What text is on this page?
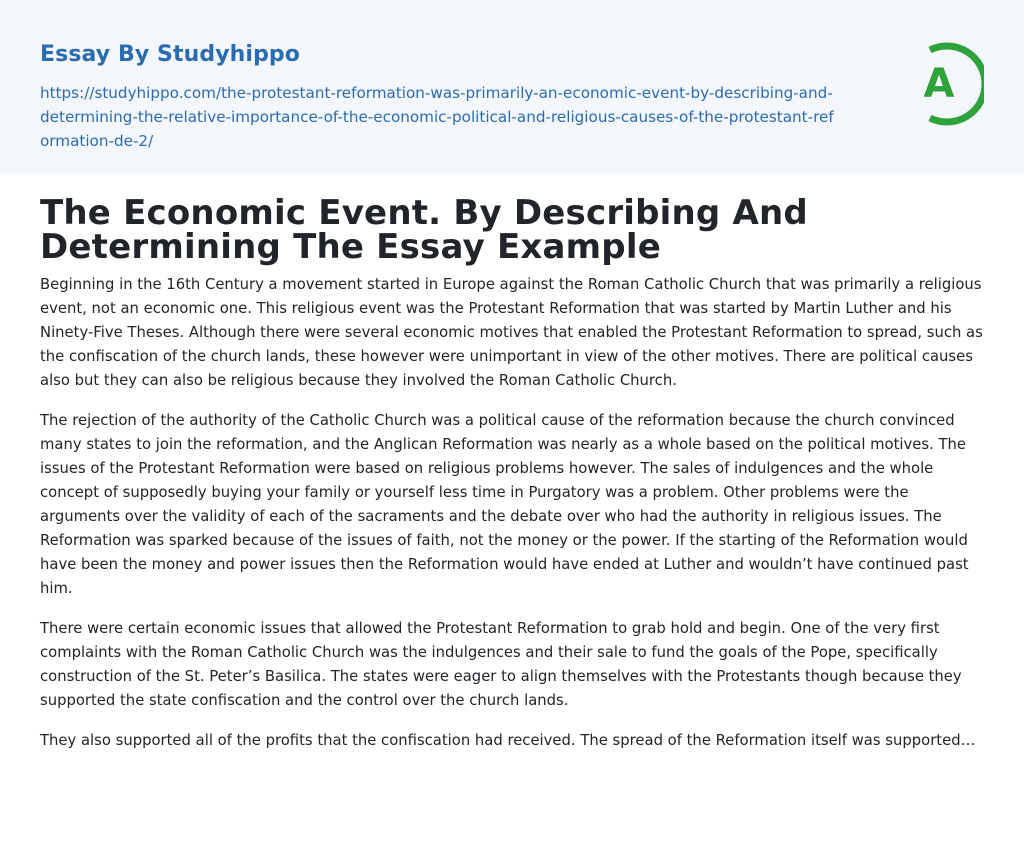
Essay By Studyhippo
https://studyhippo.com/the-protestant-reformation-was-primarily-an-economic-event-by-describing-and-determining-the-relative-importance-of-the-economic-political-and-religious-causes-of-the-protestant-reformation-de-2/
A
The Economic Event. By Describing And Determining The Essay Example

Beginning in the 16th Century a movement started in Europe against the Roman Catholic Church that was primarily a religious event, not an economic one. This religious event was the Protestant Reformation that was started by Martin Luther and his Ninety-Five Theses. Although there were several economic motives that enabled the Protestant Reformation to spread, such as the confiscation of the church lands, these however were unimportant in view of the other motives. There are political causes also but they can also be religious because they involved the Roman Catholic Church.

The rejection of the authority of the Catholic Church was a political cause of the reformation because the church convinced many states to join the reformation, and the Anglican Reformation was nearly as a whole based on the political motives. The issues of the Protestant Reformation were based on religious problems however. The sales of indulgences and the whole concept of supposedly buying your family or yourself less time in Purgatory was a problem. Other problems were the arguments over the validity of each of the sacraments and the debate over who had the authority in religious issues. The Reformation was sparked because of the issues of faith, not the money or the power. If the starting of the Reformation would have been the money and power issues then the Reformation would have ended at Luther and wouldn’t have continued past him.

There were certain economic issues that allowed the Protestant Reformation to grab hold and begin. One of the very first complaints with the Roman Catholic Church was the indulgences and their sale to fund the goals of the Pope, specifically construction of the St. Peter’s Basilica. The states were eager to align themselves with the Protestants though because they supported the state confiscation and the control over the church lands.

They also supported all of the profits that the confiscation had received. The spread of the Reformation itself was supported…
